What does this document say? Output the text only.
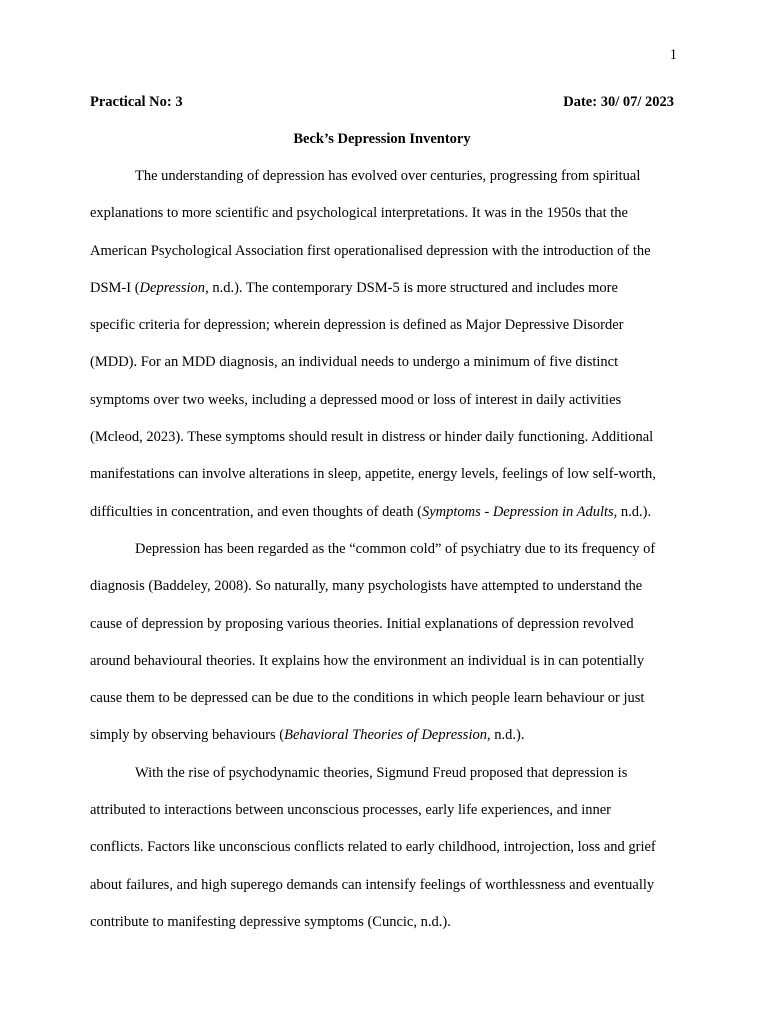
1
Practical No: 3	Date: 30/ 07/ 2023
Beck’s Depression Inventory
The understanding of depression has evolved over centuries, progressing from spiritual
explanations to more scientific and psychological interpretations. It was in the 1950s that the
American Psychological Association first operationalised depression with the introduction of the
DSM-I (Depression, n.d.). The contemporary DSM-5 is more structured and includes more
specific criteria for depression; wherein depression is defined as Major Depressive Disorder
(MDD). For an MDD diagnosis, an individual needs to undergo a minimum of five distinct
symptoms over two weeks, including a depressed mood or loss of interest in daily activities
(Mcleod, 2023). These symptoms should result in distress or hinder daily functioning. Additional
manifestations can involve alterations in sleep, appetite, energy levels, feelings of low self-worth,
difficulties in concentration, and even thoughts of death (Symptoms - Depression in Adults, n.d.).
Depression has been regarded as the “common cold” of psychiatry due to its frequency of
diagnosis (Baddeley, 2008). So naturally, many psychologists have attempted to understand the
cause of depression by proposing various theories. Initial explanations of depression revolved
around behavioural theories. It explains how the environment an individual is in can potentially
cause them to be depressed can be due to the conditions in which people learn behaviour or just
simply by observing behaviours (Behavioral Theories of Depression, n.d.).
With the rise of psychodynamic theories, Sigmund Freud proposed that depression is
attributed to interactions between unconscious processes, early life experiences, and inner
conflicts. Factors like unconscious conflicts related to early childhood, introjection, loss and grief
about failures, and high superego demands can intensify feelings of worthlessness and eventually
contribute to manifesting depressive symptoms (Cuncic, n.d.).
